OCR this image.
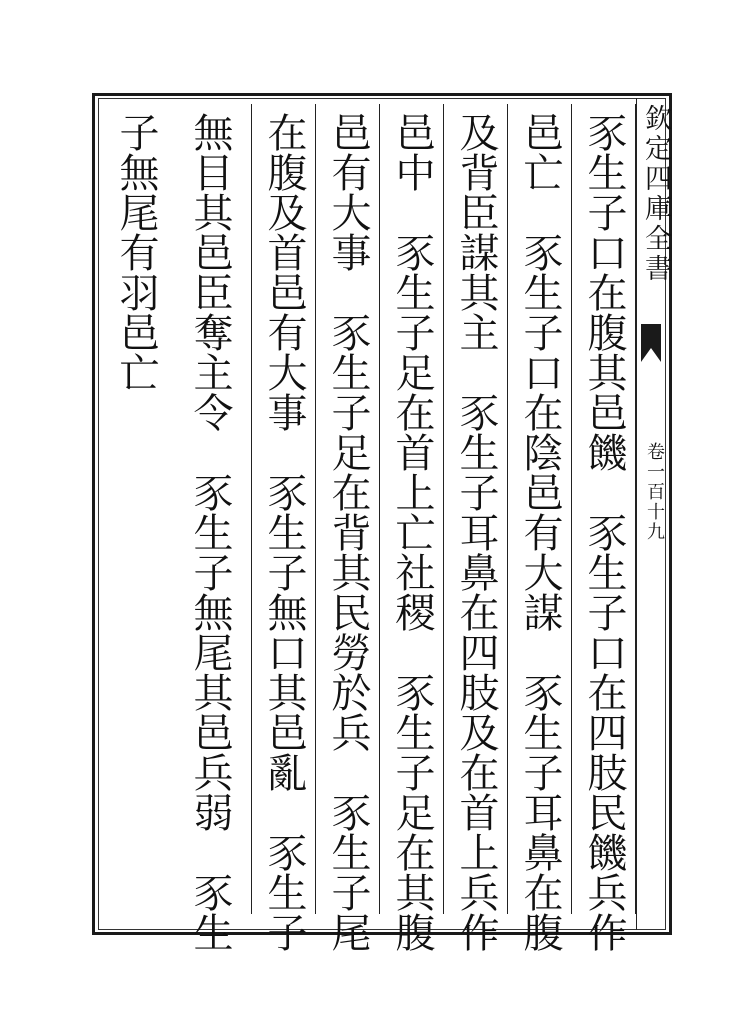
欽定四庫全書
卷一百十九
豕生子口在腹其邑饑　豕生子口在四肢民饑兵作
邑亡　豕生子口在陰邑有大謀　豕生子耳鼻在腹
及背臣謀其主　豕生子耳鼻在四肢及在首上兵作
邑中　豕生子足在首上亡社稷　豕生子足在其腹
邑有大事　豕生子足在背其民勞於兵　豕生子尾
在腹及首邑有大事　豕生子無口其邑亂　豕生子
無目其邑臣奪主令　豕生子無尾其邑兵弱　豕生
子無尾有羽邑亡
